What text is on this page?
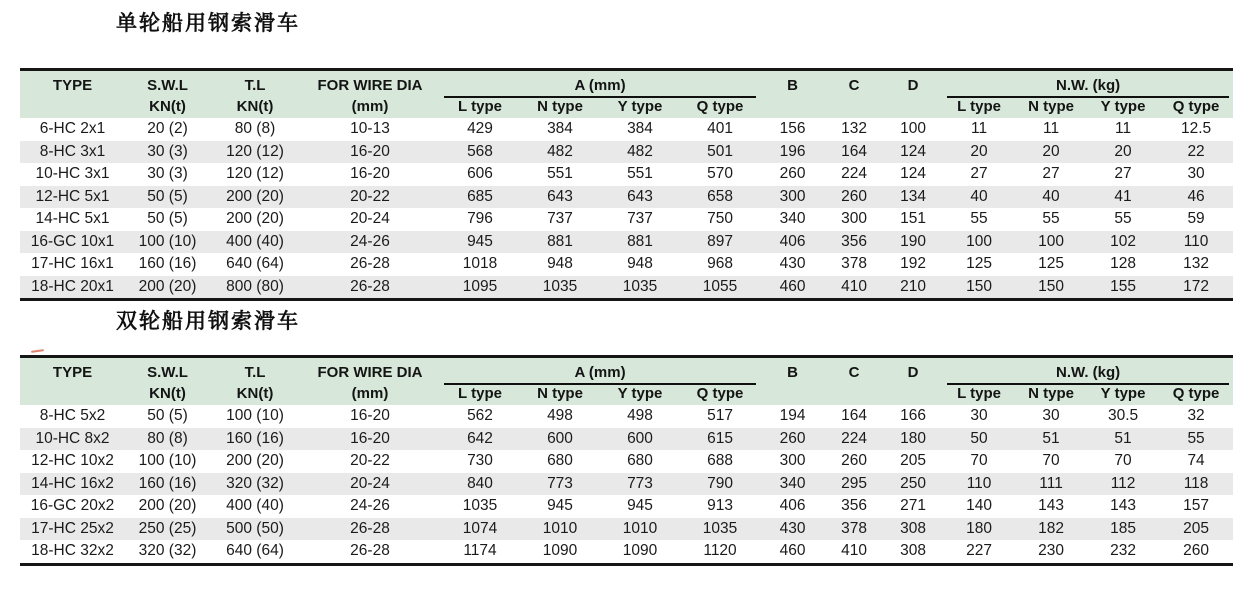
单轮船用钢索滑车
TYPE	S.W.L	T.L	FOR WIRE DIA	A (mm)				B	C	D	N.W. (kg)			
	KN(t)	KN(t)	(mm)	L type	N type	Y type	Q type				L type	N type	Y type	Q type
6-HC 2x1	20 (2)	80 (8)	10-13	429	384	384	401	156	132	100	11	11	11	12.5
8-HC 3x1	30 (3)	120 (12)	16-20	568	482	482	501	196	164	124	20	20	20	22
10-HC 3x1	30 (3)	120 (12)	16-20	606	551	551	570	260	224	124	27	27	27	30
12-HC 5x1	50 (5)	200 (20)	20-22	685	643	643	658	300	260	134	40	40	41	46
14-HC 5x1	50 (5)	200 (20)	20-24	796	737	737	750	340	300	151	55	55	55	59
16-GC 10x1	100 (10)	400 (40)	24-26	945	881	881	897	406	356	190	100	100	102	110
17-HC 16x1	160 (16)	640 (64)	26-28	1018	948	948	968	430	378	192	125	125	128	132
18-HC 20x1	200 (20)	800 (80)	26-28	1095	1035	1035	1055	460	410	210	150	150	155	172
双轮船用钢索滑车
TYPE	S.W.L	T.L	FOR WIRE DIA	A (mm)				B	C	D	N.W. (kg)			
	KN(t)	KN(t)	(mm)	L type	N type	Y type	Q type				L type	N type	Y type	Q type
8-HC 5x2	50 (5)	100 (10)	16-20	562	498	498	517	194	164	166	30	30	30.5	32
10-HC 8x2	80 (8)	160 (16)	16-20	642	600	600	615	260	224	180	50	51	51	55
12-HC 10x2	100 (10)	200 (20)	20-22	730	680	680	688	300	260	205	70	70	70	74
14-HC 16x2	160 (16)	320 (32)	20-24	840	773	773	790	340	295	250	110	111	112	118
16-GC 20x2	200 (20)	400 (40)	24-26	1035	945	945	913	406	356	271	140	143	143	157
17-HC 25x2	250 (25)	500 (50)	26-28	1074	1010	1010	1035	430	378	308	180	182	185	205
18-HC 32x2	320 (32)	640 (64)	26-28	1174	1090	1090	1120	460	410	308	227	230	232	260
